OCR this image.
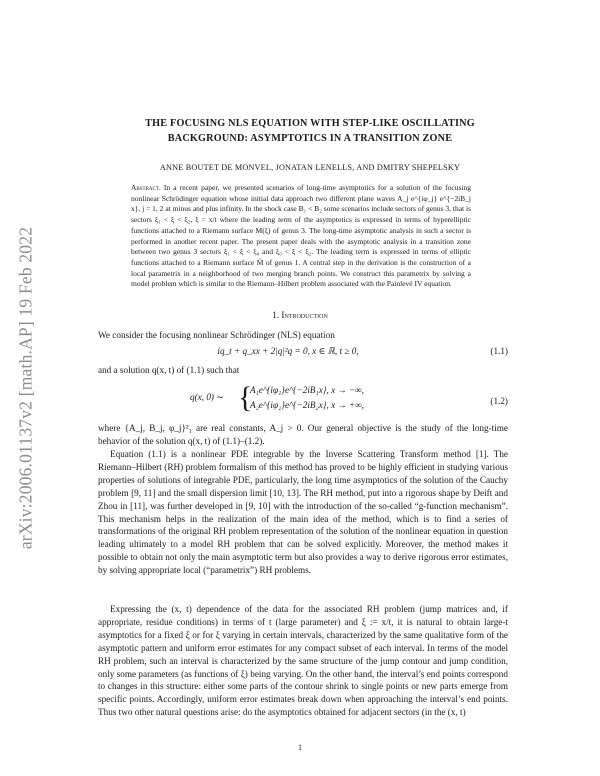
arXiv:2006.01137v2 [math.AP] 19 Feb 2022
THE FOCUSING NLS EQUATION WITH STEP-LIKE OSCILLATING BACKGROUND: ASYMPTOTICS IN A TRANSITION ZONE
ANNE BOUTET DE MONVEL, JONATAN LENELLS, AND DMITRY SHEPELSKY
Abstract. In a recent paper, we presented scenarios of long-time asymptotics for a solution of the focusing nonlinear Schrödinger equation whose initial data approach two different plane waves A_j e^{iφ_j} e^{−2iB_j x}, j = 1, 2 at minus and plus infinity. In the shock case B₁ < B₂ some scenarios include sectors of genus 3, that is sectors ξ₁ < ξ < ξ₂, ξ = x/t where the leading term of the asymptotics is expressed in terms of hyperelliptic functions attached to a Riemann surface M(ξ) of genus 3. The long-time asymptotic analysis in such a sector is performed in another recent paper. The present paper deals with the asymptotic analysis in a transition zone between two genus 3 sectors ξ₁ < ξ < ξ₀ and ξ₀ < ξ < ξ₂. The leading term is expressed in terms of elliptic functions attached to a Riemann surface M̃ of genus 1. A central step in the derivation is the construction of a local parametrix in a neighborhood of two merging branch points. We construct this parametrix by solving a model problem which is similar to the Riemann–Hilbert problem associated with the Painlevé IV equation.
1. Introduction
We consider the focusing nonlinear Schrödinger (NLS) equation
iq_t + q_xx + 2|q|²q = 0, x ∈ ℝ, t ≥ 0,	(1.1)
and a solution q(x, t) of (1.1) such that
(1.2)
q(x, 0) ∼ {
A₁e^{iφ₁}e^{−2iB₁x}, x → −∞,
A₂e^{iφ₂}e^{−2iB₂x}, x → +∞,
where {A_j, B_j, φ_j}²₁ are real constants, A_j > 0. Our general objective is the study of the long-time behavior of the solution q(x, t) of (1.1)–(1.2).
Equation (1.1) is a nonlinear PDE integrable by the Inverse Scattering Transform method [1]. The Riemann–Hilbert (RH) problem formalism of this method has proved to be highly efficient in studying various properties of solutions of integrable PDE, particularly, the long time asymptotics of the solution of the Cauchy problem [9, 11] and the small dispersion limit [10, 13]. The RH method, put into a rigorous shape by Deift and Zhou in [11], was further developed in [9, 10] with the introduction of the so-called “g-function mechanism”. This mechanism helps in the realization of the main idea of the method, which is to find a series of transformations of the original RH problem representation of the solution of the nonlinear equation in question leading ultimately to a model RH problem that can be solved explicitly. Moreover, the method makes it possible to obtain not only the main asymptotic term but also provides a way to derive rigorous error estimates, by solving appropriate local (“parametrix”) RH problems.
Expressing the (x, t) dependence of the data for the associated RH problem (jump matrices and, if appropriate, residue conditions) in terms of t (large parameter) and ξ := x/t, it is natural to obtain large-t asymptotics for a fixed ξ or for ξ varying in certain intervals, characterized by the same qualitative form of the asymptotic pattern and uniform error estimates for any compact subset of each interval. In terms of the model RH problem, such an interval is characterized by the same structure of the jump contour and jump condition, only some parameters (as functions of ξ) being varying. On the other hand, the interval’s end points correspond to changes in this structure: either some parts of the contour shrink to single points or new parts emerge from specific points. Accordingly, uniform error estimates break down when approaching the interval’s end points. Thus two other natural questions arise: do the asymptotics obtained for adjacent sectors (in the (x, t)
1
